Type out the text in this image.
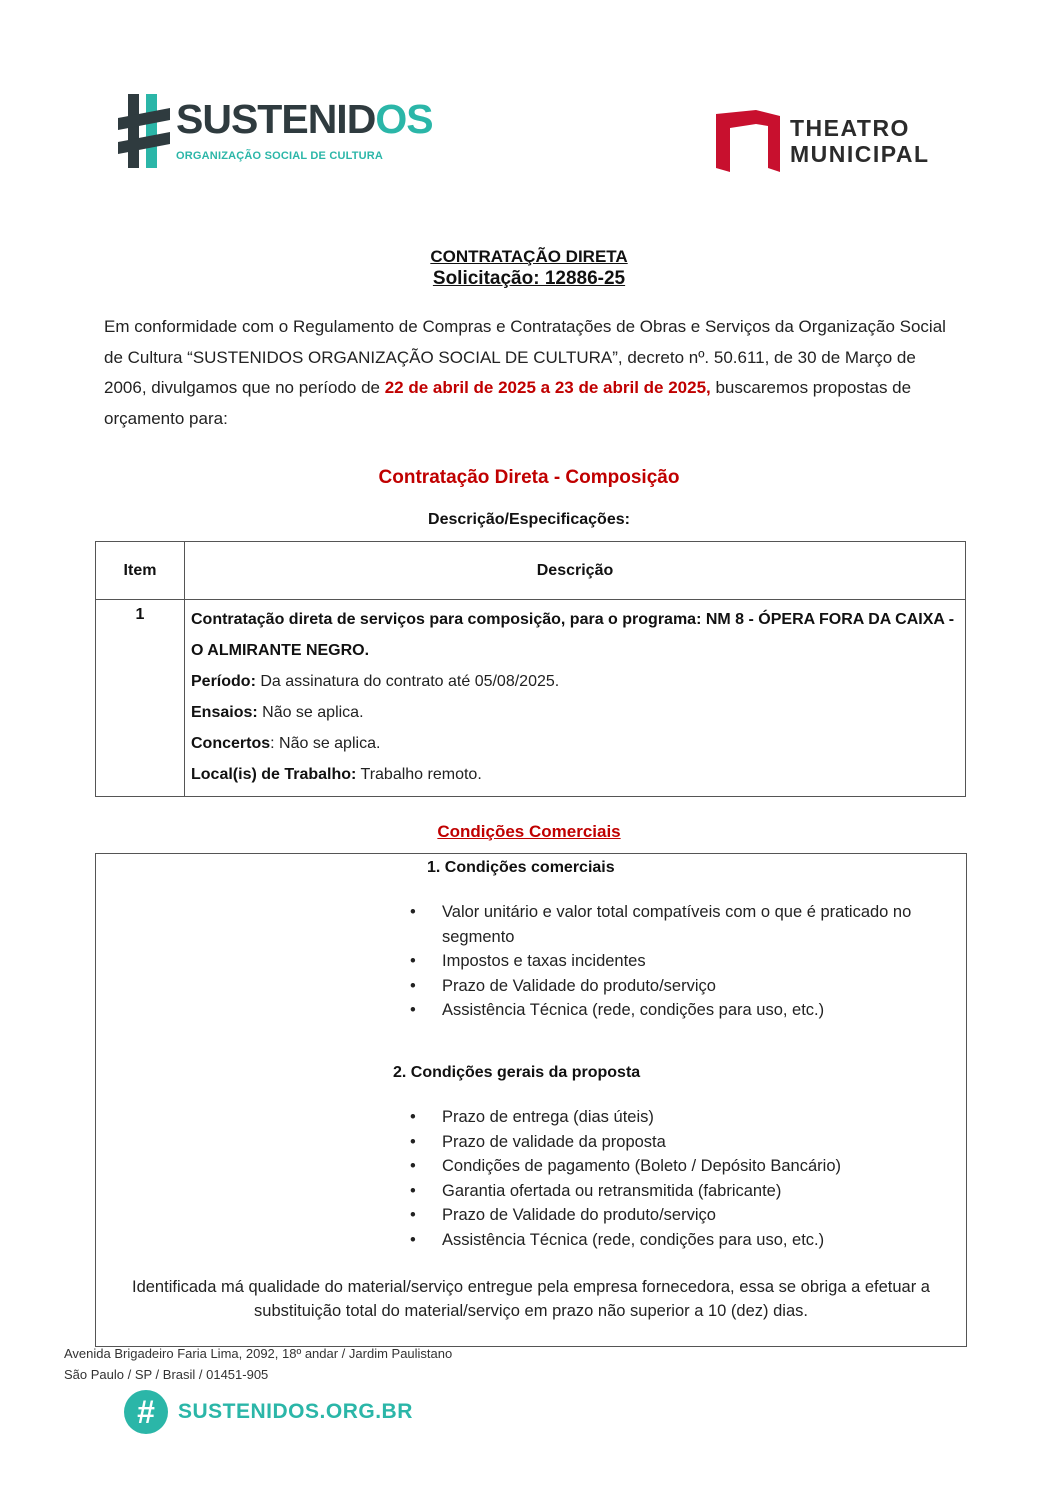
SUSTENIDOS
ORGANIZAÇÃO SOCIAL DE CULTURA
THEATRO
MUNICIPAL
CONTRATAÇÃO DIRETA
Solicitação: 12886-25
Em conformidade com o Regulamento de Compras e Contratações de Obras e Serviços da Organização Social de Cultura “SUSTENIDOS ORGANIZAÇÃO SOCIAL DE CULTURA”, decreto nº. 50.611, de 30 de Março de 2006, divulgamos que no período de 22 de abril de 2025 a 23 de abril de 2025, buscaremos propostas de orçamento para:
Contratação Direta - Composição
Descrição/Especificações:
Item	Descrição
1	Contratação direta de serviços para composição, para o programa: NM 8 - ÓPERA FORA DA CAIXA - O ALMIRANTE NEGRO.
Período: Da assinatura do contrato até 05/08/2025.
Ensaios: Não se aplica.
Concertos: Não se aplica.
Local(is) de Trabalho: Trabalho remoto.
Condições Comerciais
1. Condições comerciais
• Valor unitário e valor total compatíveis com o que é praticado no segmento
• Impostos e taxas incidentes
• Prazo de Validade do produto/serviço
• Assistência Técnica (rede, condições para uso, etc.)
2. Condições gerais da proposta
• Prazo de entrega (dias úteis)
• Prazo de validade da proposta
• Condições de pagamento (Boleto / Depósito Bancário)
• Garantia ofertada ou retransmitida (fabricante)
• Prazo de Validade do produto/serviço
• Assistência Técnica (rede, condições para uso, etc.)
Identificada má qualidade do material/serviço entregue pela empresa fornecedora, essa se obriga a efetuar a substituição total do material/serviço em prazo não superior a 10 (dez) dias.
Avenida Brigadeiro Faria Lima, 2092, 18º andar / Jardim Paulistano
São Paulo / SP / Brasil / 01451-905
#	SUSTENIDOS.ORG.BR
